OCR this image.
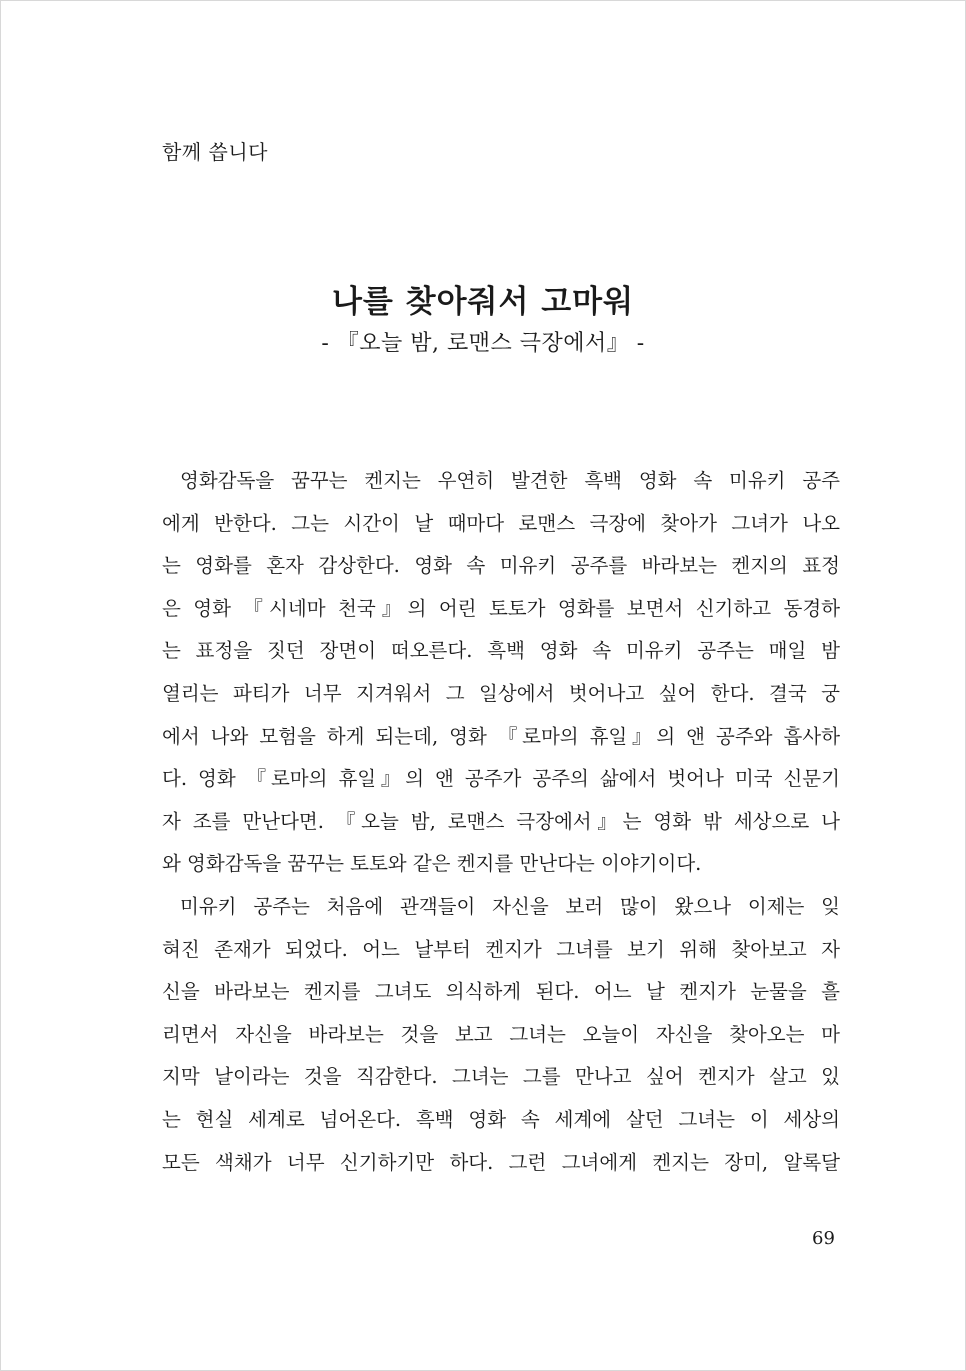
함께 씁니다
나를 찾아줘서 고마워
- 『오늘 밤, 로맨스 극장에서』 -
영화감독을 꿈꾸는 켄지는 우연히 발견한 흑백 영화 속 미유키 공주
에게 반한다. 그는 시간이 날 때마다 로맨스 극장에 찾아가 그녀가 나오
는 영화를 혼자 감상한다. 영화 속 미유키 공주를 바라보는 켄지의 표정
은 영화 『시네마 천국』의 어린 토토가 영화를 보면서 신기하고 동경하
는 표정을 짓던 장면이 떠오른다. 흑백 영화 속 미유키 공주는 매일 밤
열리는 파티가 너무 지겨워서 그 일상에서 벗어나고 싶어 한다. 결국 궁
에서 나와 모험을 하게 되는데, 영화 『로마의 휴일』의 앤 공주와 흡사하
다. 영화 『로마의 휴일』의 앤 공주가 공주의 삶에서 벗어나 미국 신문기
자 조를 만난다면. 『오늘 밤, 로맨스 극장에서』는 영화 밖 세상으로 나
와 영화감독을 꿈꾸는 토토와 같은 켄지를 만난다는 이야기이다.
미유키 공주는 처음에 관객들이 자신을 보러 많이 왔으나 이제는 잊
혀진 존재가 되었다. 어느 날부터 켄지가 그녀를 보기 위해 찾아보고 자
신을 바라보는 켄지를 그녀도 의식하게 된다. 어느 날 켄지가 눈물을 흘
리면서 자신을 바라보는 것을 보고 그녀는 오늘이 자신을 찾아오는 마
지막 날이라는 것을 직감한다. 그녀는 그를 만나고 싶어 켄지가 살고 있
는 현실 세계로 넘어온다. 흑백 영화 속 세계에 살던 그녀는 이 세상의
모든 색채가 너무 신기하기만 하다. 그런 그녀에게 켄지는 장미, 알록달
69
